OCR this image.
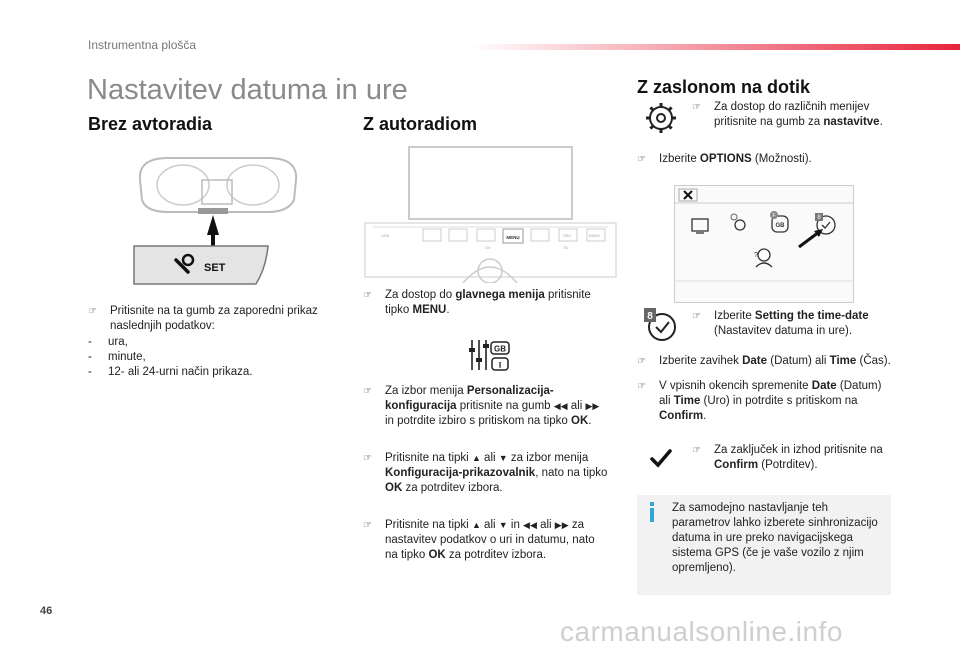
Instrumentna plošča
Nastavitev datuma in ure
Brez avtoradia
SET
☞	Pritisnite na ta gumb za zaporedni prikaz naslednjih podatkov:
- ura,
- minute,
- 12- ali 24-urni način prikaza.
Z autoradiom
MENU
USB	SRC	BAND
OK	TA
☞	Za dostop do glavnega menija pritisnite tipko MENU.
GB
I
☞	Za izbor menija Personalizacija-konfiguracija pritisnite na gumb ◀◀ ali ▶▶ in potrdite izbiro s pritiskom na tipko OK.
☞	Pritisnite na tipki ▲ ali ▼ za izbor menija Konfiguracija-prikazovalnik, nato na tipko OK za potrditev izbora.
☞	Pritisnite na tipki ▲ ali ▼ in ◀◀ ali ▶▶ za nastavitev podatkov o uri in datumu, nato na tipko OK za potrditev izbora.
Z zaslonom na dotik
☞	Za dostop do različnih menijev pritisnite na gumb za nastavitve.
☞	Izberite OPTIONS (Možnosti).
GB
F	8
?
8	☞	Izberite Setting the time-date (Nastavitev datuma in ure).
☞	Izberite zavihek Date (Datum) ali Time (Čas).
☞	V vpisnih okencih spremenite Date (Datum) ali Time (Uro) in potrdite s pritiskom na Confirm.
☞	Za zaključek in izhod pritisnite na Confirm (Potrditev).
Za samodejno nastavljanje teh parametrov lahko izberete sinhronizacijo datuma in ure preko navigacijskega sistema GPS (če je vaše vozilo z njim opremljeno).
46
carmanualsonline.info
